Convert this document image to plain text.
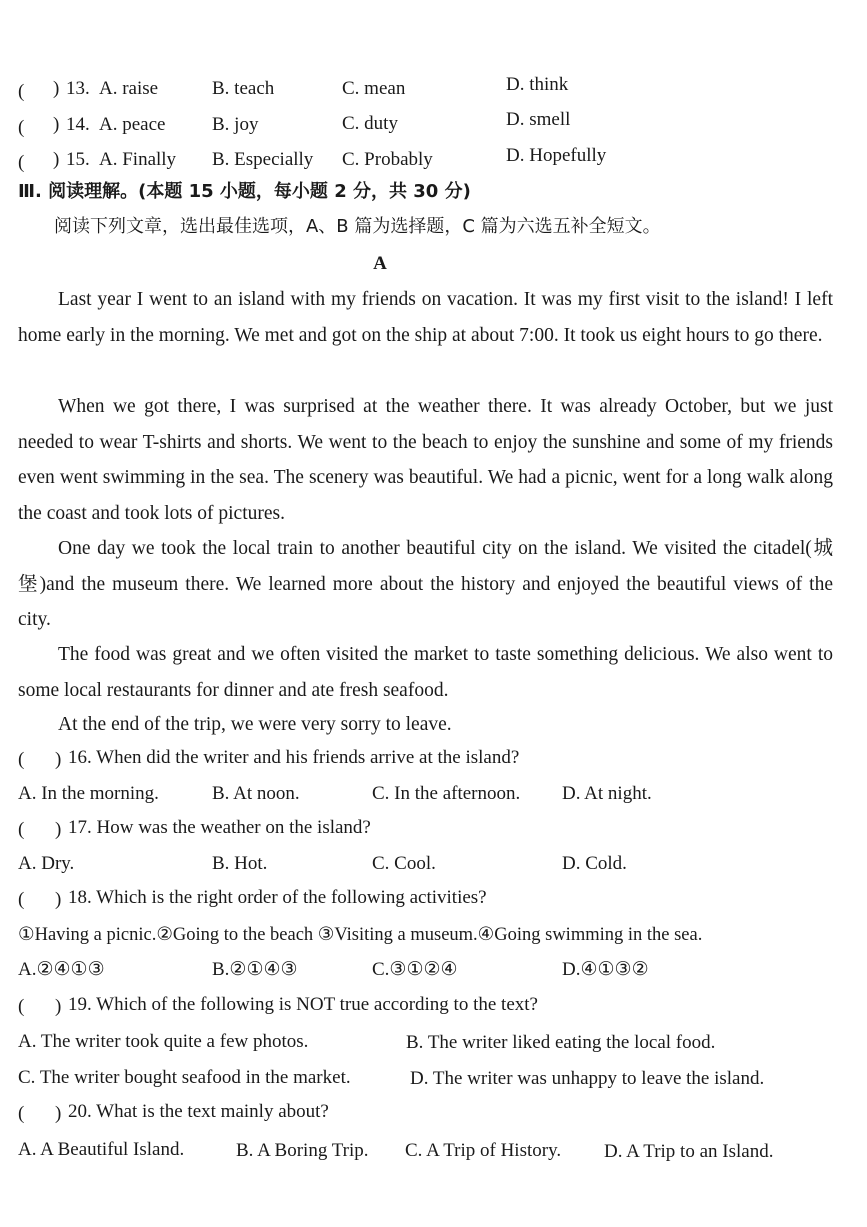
( ) 13. A. raise	B. teach	C. mean	D. think
( ) 14. A. peace B. joy	C. duty	D. smell
( ) 15. A. Finally B. Especially C. Probably	D. Hopefully
Ⅲ. 阅读理解。(本题 15 小题，每小题 2 分，共 30 分)
阅读下列文章，选出最佳选项，A、B 篇为选择题，C 篇为六选五补全短文。
A
Last year I went to an island with my friends on vacation. It was my first visit to the island! I left home early in the morning. We met and got on the ship at about 7:00. It took us eight hours to go there.
When we got there, I was surprised at the weather there. It was already October, but we just needed to wear T-shirts and shorts. We went to the beach to enjoy the sunshine and some of my friends even went swimming in the sea. The scenery was beautiful. We had a picnic, went for a long walk along the coast and took lots of pictures.
One day we took the local train to another beautiful city on the island. We visited the citadel(城堡)and the museum there. We learned more about the history and enjoyed the beautiful views of the city.
The food was great and we often visited the market to taste something delicious. We also went to some local restaurants for dinner and ate fresh seafood.
At the end of the trip, we were very sorry to leave.
( ) 16. When did the writer and his friends arrive at the island?
A. In the morning.	B. At noon.	C. In the afternoon. D. At night.
( ) 17. How was the weather on the island?
A. Dry.	B. Hot.	C. Cool.	D. Cold.
( ) 18. Which is the right order of the following activities?
①Having a picnic.②Going to the beach ③Visiting a museum.④Going swimming in the sea.
A.②④①③	B.②①④③	C.③①②④	D.④①③②
( ) 19. Which of the following is NOT true according to the text?
A. The writer took quite a few photos.	B. The writer liked eating the local food.
C. The writer bought seafood in the market.	D. The writer was unhappy to leave the island.
( ) 20. What is the text mainly about?
A. A Beautiful Island.	B. A Boring Trip. C. A Trip of History. D. A Trip to an Island.
